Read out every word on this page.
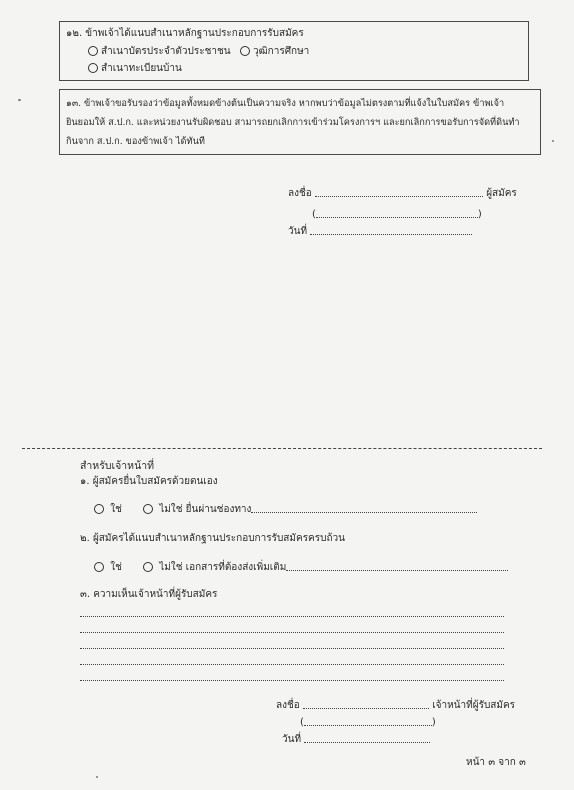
๑๒. ข้าพเจ้าได้แนบสำเนาหลักฐานประกอบการรับสมัคร
สำเนาบัตรประจำตัวประชาชน	วุฒิการศึกษา
สำเนาทะเบียนบ้าน
๑๓. ข้าพเจ้าขอรับรองว่าข้อมูลทั้งหมดข้างต้นเป็นความจริง หากพบว่าข้อมูลไม่ตรงตามที่แจ้งในใบสมัคร ข้าพเจ้า
ยินยอมให้ ส.ป.ก. และหน่วยงานรับผิดชอบ สามารถยกเลิกการเข้าร่วมโครงการฯ และยกเลิกการขอรับการจัดที่ดินทำ
กินจาก ส.ป.ก. ของข้าพเจ้า ได้ทันที
ลงชื่อ	ผู้สมัคร
(	)
วันที่
สำหรับเจ้าหน้าที่
๑. ผู้สมัครยื่นใบสมัครด้วยตนเอง
ใช่	ไม่ใช่ ยื่นผ่านช่องทาง
๒. ผู้สมัครได้แนบสำเนาหลักฐานประกอบการรับสมัครครบถ้วน
ใช่	ไม่ใช่ เอกสารที่ต้องส่งเพิ่มเติม
๓. ความเห็นเจ้าหน้าที่ผู้รับสมัคร
ลงชื่อ	เจ้าหน้าที่ผู้รับสมัคร
(	)
วันที่
หน้า ๓ จาก ๓
